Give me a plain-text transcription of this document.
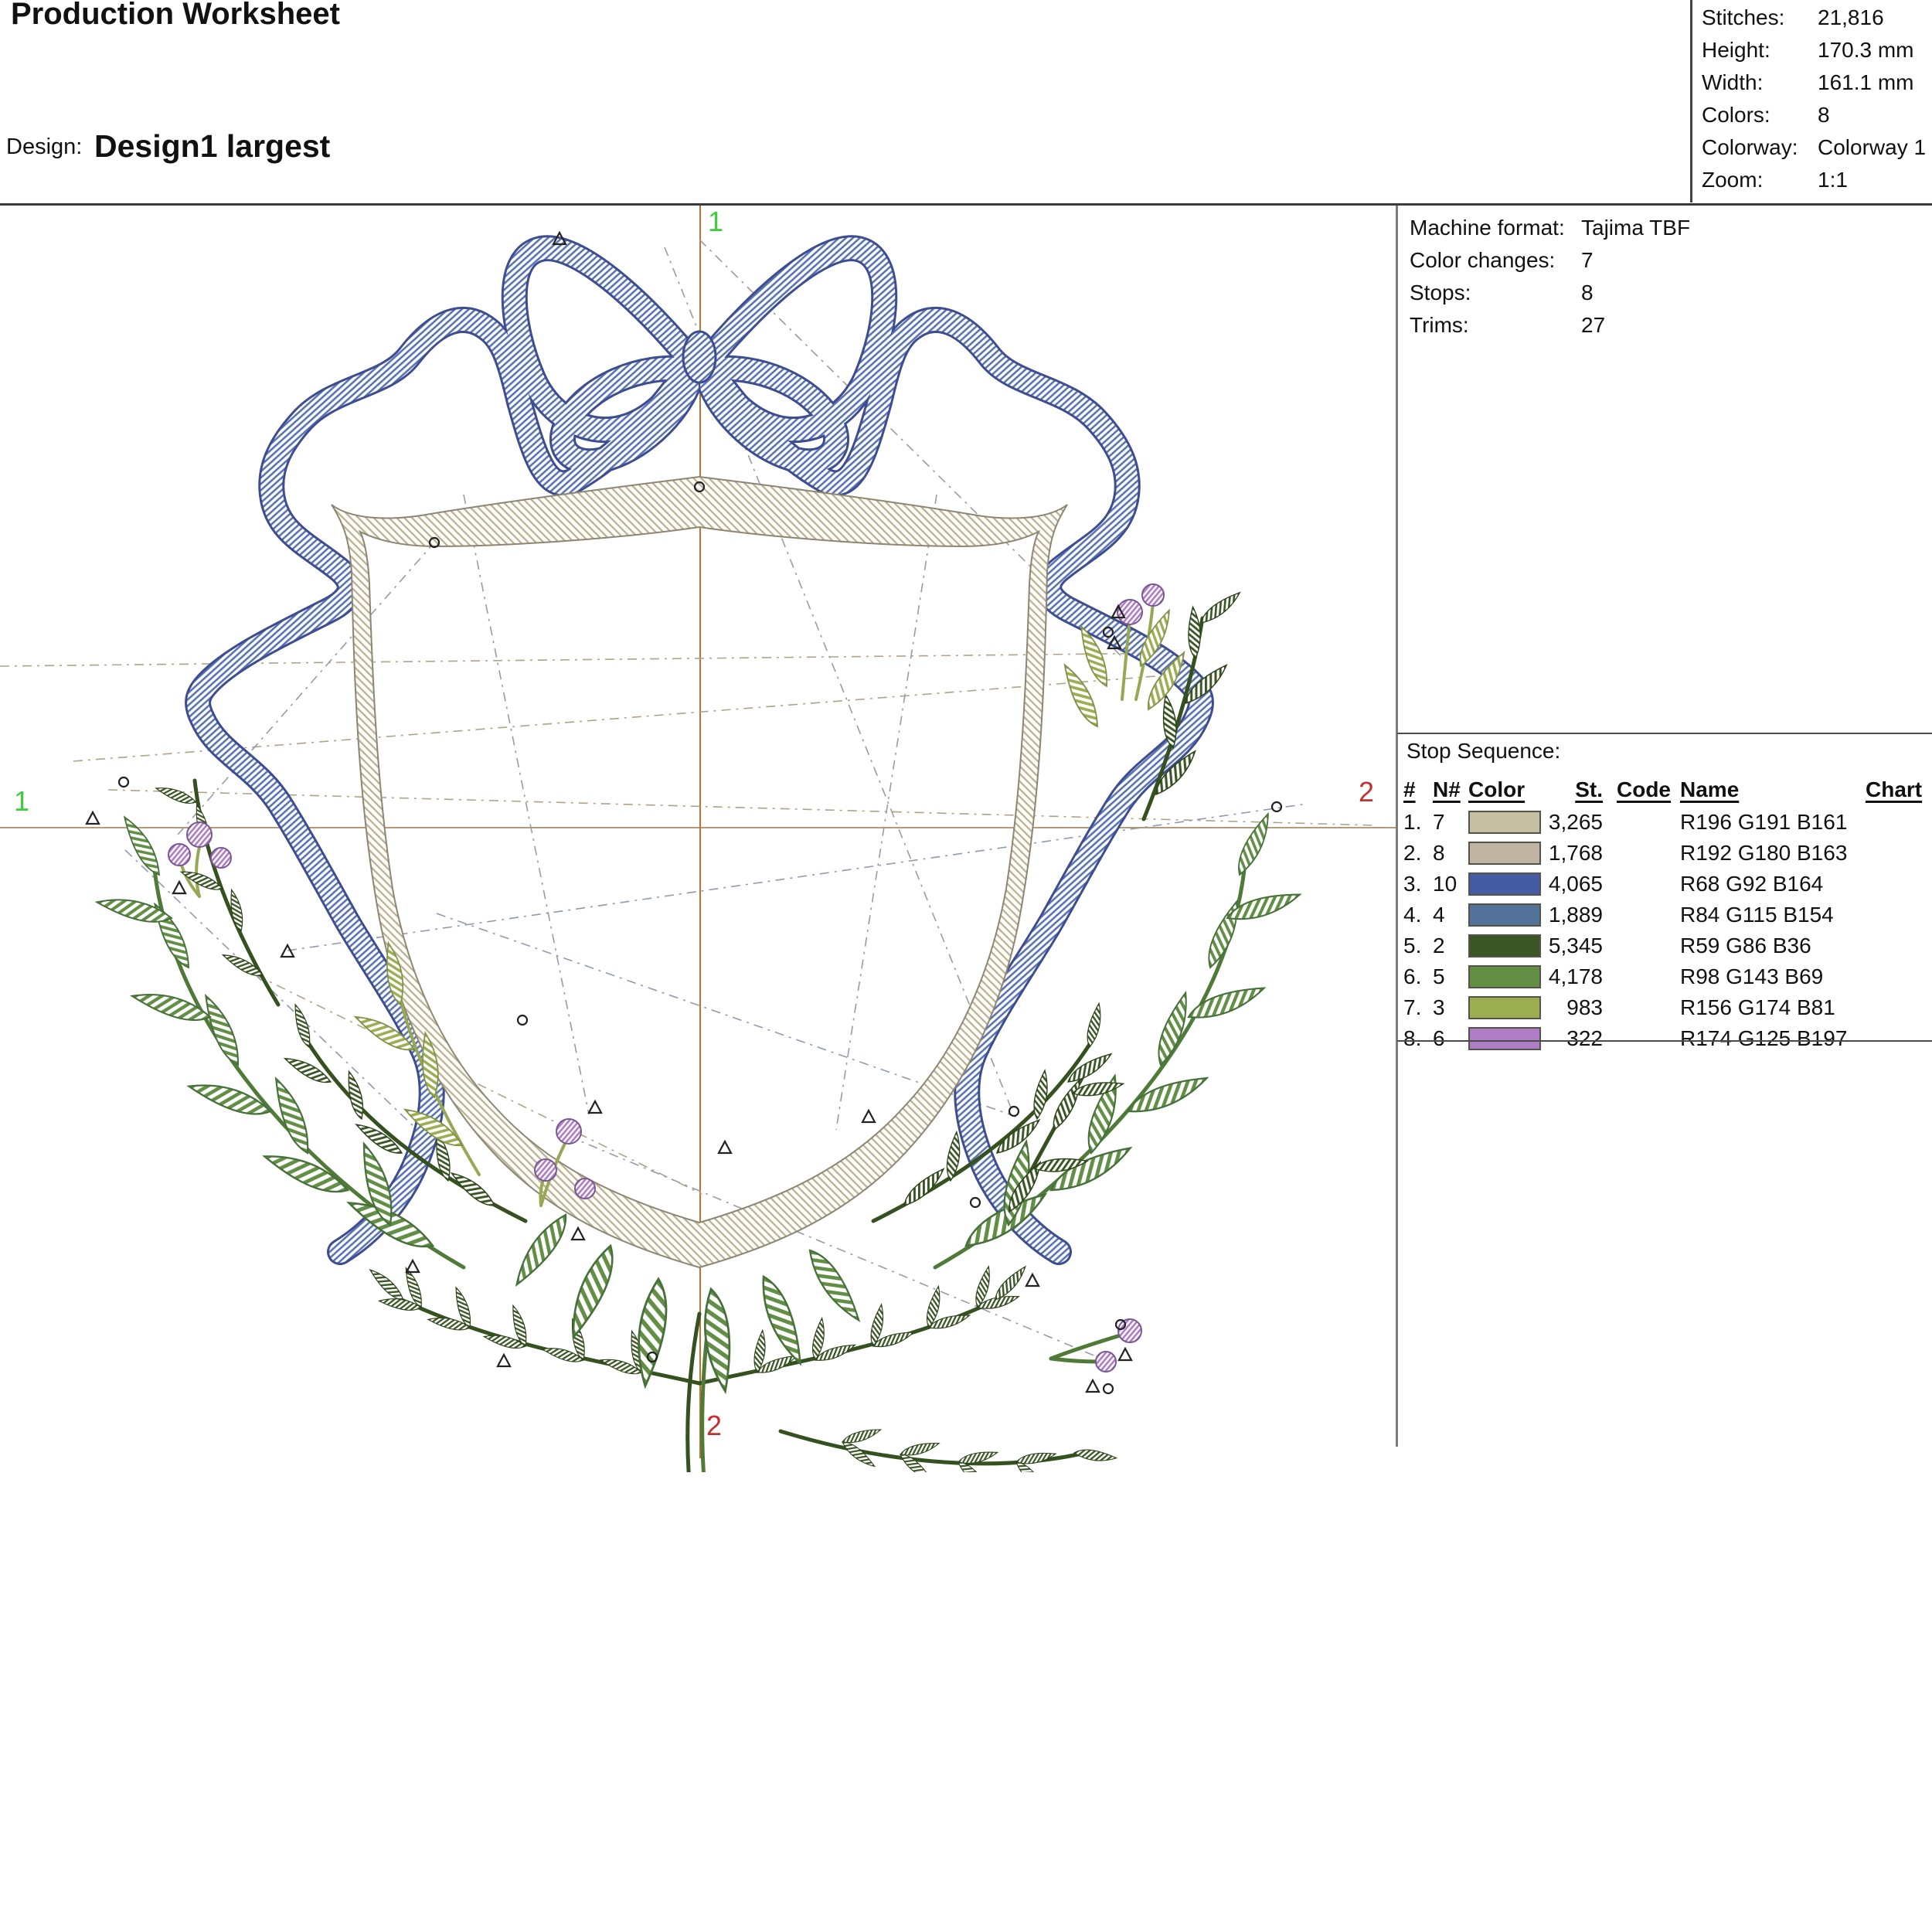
Production Worksheet
Design: Design1 largest
Stitches:	21,816
Height:	170.3 mm
Width:	161.1 mm
Colors:	8
Colorway: Colorway 1
Zoom:	1:1
Machine format: Tajima TBF
Color changes:	7
Stops:	8
Trims:	27
Stop Sequence:
# N# Color	St. Code Name	Chart
1. 7	3,265	R196 G191 B161
2. 8	1,768	R192 G180 B163
3. 10	4,065	R68 G92 B164
4. 4	1,889	R84 G115 B154
5. 2	5,345	R59 G86 B36
6. 5	4,178	R98 G143 B69
7. 3	983	R156 G174 B81
8. 6	322	R174 G125 B197
1	2
1
2
